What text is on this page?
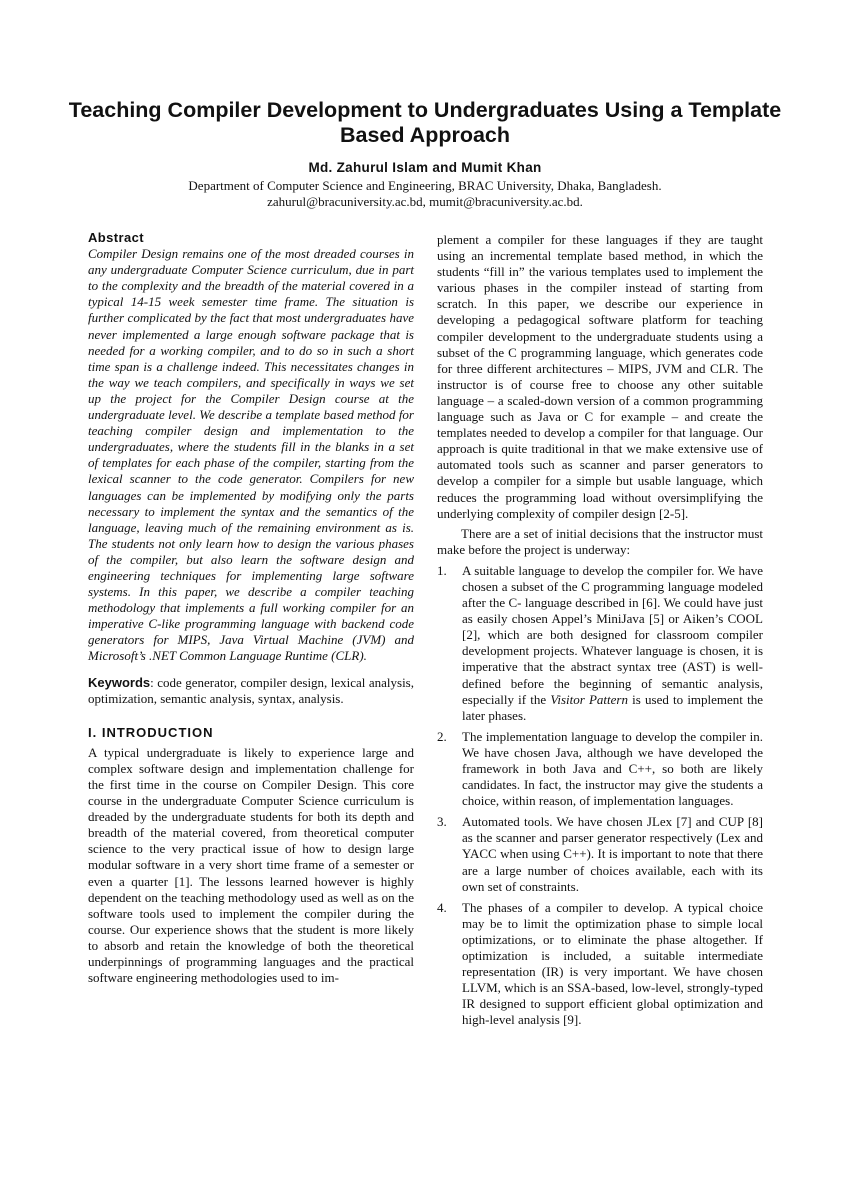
Teaching Compiler Development to Undergraduates Using a Template Based Approach
Md. Zahurul Islam and Mumit Khan
Department of Computer Science and Engineering, BRAC University, Dhaka, Bangladesh.
zahurul@bracuniversity.ac.bd, mumit@bracuniversity.ac.bd.

Abstract

Compiler Design remains one of the most dreaded courses in any undergraduate Computer Science curriculum, due in part to the complexity and the breadth of the material covered in a typical 14-15 week semester time frame. The situation is further complicated by the fact that most undergraduates have never implemented a large enough software package that is needed for a working compiler, and to do so in such a short time span is a challenge indeed. This necessitates changes in the way we teach compilers, and specifically in ways we set up the project for the Compiler Design course at the undergraduate level. We describe a template based method for teaching compiler design and implementation to the undergraduates, where the students fill in the blanks in a set of templates for each phase of the compiler, starting from the lexical scanner to the code generator. Compilers for new languages can be implemented by modifying only the parts necessary to implement the syntax and the semantics of the language, leaving much of the remaining environment as is. The students not only learn how to design the various phases of the compiler, but also learn the software design and engineering techniques for implementing large software systems. In this paper, we describe a compiler teaching methodology that implements a full working compiler for an imperative C-like programming language with backend code generators for MIPS, Java Virtual Machine (JVM) and Microsoft’s .NET Common Language Runtime (CLR).

Keywords: code generator, compiler design, lexical analysis, optimization, semantic analysis, syntax, analysis.

I. INTRODUCTION

A typical undergraduate is likely to experience large and complex software design and implementation challenge for the first time in the course on Compiler Design. This core course in the undergraduate Computer Science curriculum is dreaded by the undergraduate students for both its depth and breadth of the material covered, from theoretical computer science to the very practical issue of how to design large modular software in a very short time frame of a semester or even a quarter [1]. The lessons learned however is highly dependent on the teaching methodology used as well as on the software tools used to implement the compiler during the course. Our experience shows that the student is more likely to absorb and retain the knowledge of both the theoretical underpinnings of programming languages and the practical software engineering methodologies used to im-

plement a compiler for these languages if they are taught using an incremental template based method, in which the students “fill in” the various templates used to implement the various phases in the compiler instead of starting from scratch. In this paper, we describe our experience in developing a pedagogical software platform for teaching compiler development to the undergraduate students using a subset of the C programming language, which generates code for three different architectures – MIPS, JVM and CLR. The instructor is of course free to choose any other suitable language – a scaled-down version of a common programming language such as Java or C for example – and create the templates needed to develop a compiler for that language. Our approach is quite traditional in that we make extensive use of automated tools such as scanner and parser generators to develop a compiler for a simple but usable language, which reduces the programming load without oversimplifying the underlying complexity of compiler design [2-5].

There are a set of initial decisions that the instructor must make before the project is underway:

1.	A suitable language to develop the compiler for. We have chosen a subset of the C programming language modeled after the C- language described in [6]. We could have just as easily chosen Appel’s MiniJava [5] or Aiken’s COOL [2], which are both designed for classroom compiler development projects. Whatever language is chosen, it is imperative that the abstract syntax tree (AST) is well-defined before the beginning of semantic analysis, especially if the Visitor Pattern is used to implement the later phases.
2.	The implementation language to develop the compiler in. We have chosen Java, although we have developed the framework in both Java and C++, so both are likely candidates. In fact, the instructor may give the students a choice, within reason, of implementation languages.
3.	Automated tools. We have chosen JLex [7] and CUP [8] as the scanner and parser generator respectively (Lex and YACC when using C++). It is important to note that there are a large number of choices available, each with its own set of constraints.
4.	The phases of a compiler to develop. A typical choice may be to limit the optimization phase to simple local optimizations, or to eliminate the phase altogether. If optimization is included, a suitable intermediate representation (IR) is very important. We have chosen LLVM, which is an SSA-based, low-level, strongly-typed IR designed to support efficient global optimization and high-level analysis [9].
